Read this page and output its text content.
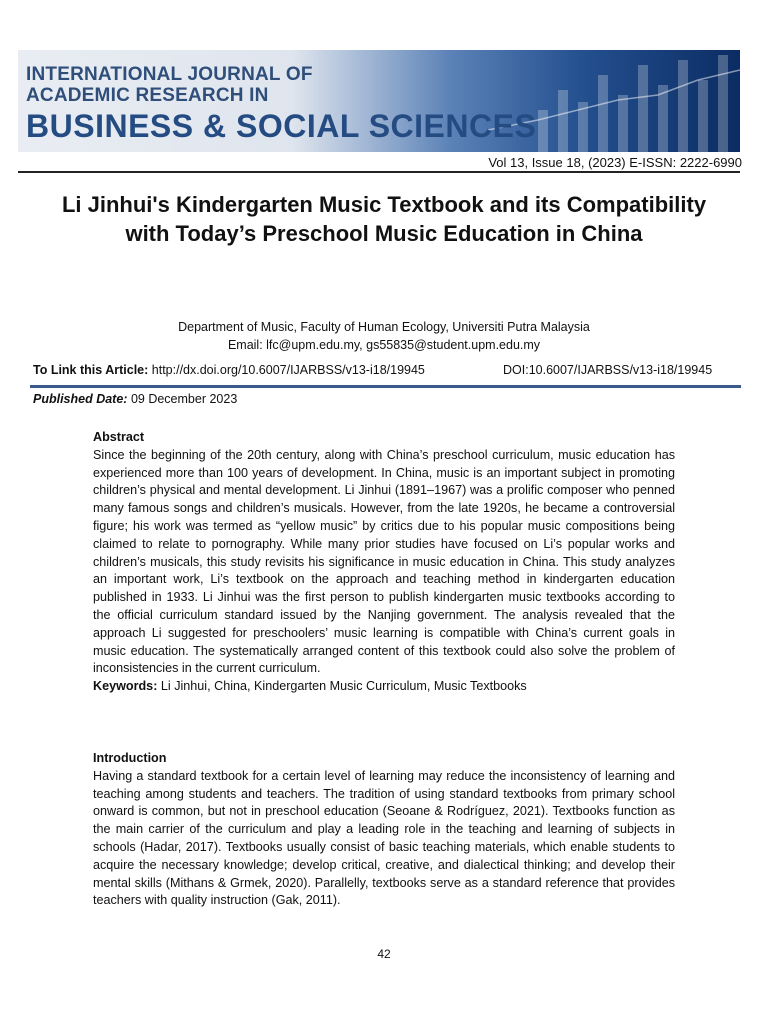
INTERNATIONAL JOURNAL OF
ACADEMIC RESEARCH IN
BUSINESS & SOCIAL SCIENCES
Vol 13, Issue 18, (2023) E-ISSN: 2222-6990
Li Jinhui's Kindergarten Music Textbook and its Compatibility with Today’s Preschool Music Education in China
Department of Music, Faculty of Human Ecology, Universiti Putra Malaysia
Email: lfc@upm.edu.my, gs55835@student.upm.edu.my
To Link this Article: http://dx.doi.org/10.6007/IJARBSS/v13-i18/19945	DOI:10.6007/IJARBSS/v13-i18/19945
Published Date: 09 December 2023
Abstract

Since the beginning of the 20th century, along with China’s preschool curriculum, music education has experienced more than 100 years of development. In China, music is an important subject in promoting children’s physical and mental development. Li Jinhui (1891–1967) was a prolific composer who penned many famous songs and children’s musicals. However, from the late 1920s, he became a controversial figure; his work was termed as “yellow music” by critics due to his popular music compositions being claimed to relate to pornography. While many prior studies have focused on Li’s popular works and children’s musicals, this study revisits his significance in music education in China. This study analyzes an important work, Li’s textbook on the approach and teaching method in kindergarten education published in 1933. Li Jinhui was the first person to publish kindergarten music textbooks according to the official curriculum standard issued by the Nanjing government. The analysis revealed that the approach Li suggested for preschoolers’ music learning is compatible with China’s current goals in music education. The systematically arranged content of this textbook could also solve the problem of inconsistencies in the current curriculum.

Keywords: Li Jinhui, China, Kindergarten Music Curriculum, Music Textbooks

Introduction

Having a standard textbook for a certain level of learning may reduce the inconsistency of learning and teaching among students and teachers. The tradition of using standard textbooks from primary school onward is common, but not in preschool education (Seoane & Rodríguez, 2021). Textbooks function as the main carrier of the curriculum and play a leading role in the teaching and learning of subjects in schools (Hadar, 2017). Textbooks usually consist of basic teaching materials, which enable students to acquire the necessary knowledge; develop critical, creative, and dialectical thinking; and develop their mental skills (Mithans & Grmek, 2020). Parallelly, textbooks serve as a standard reference that provides teachers with quality instruction (Gak, 2011).

42
